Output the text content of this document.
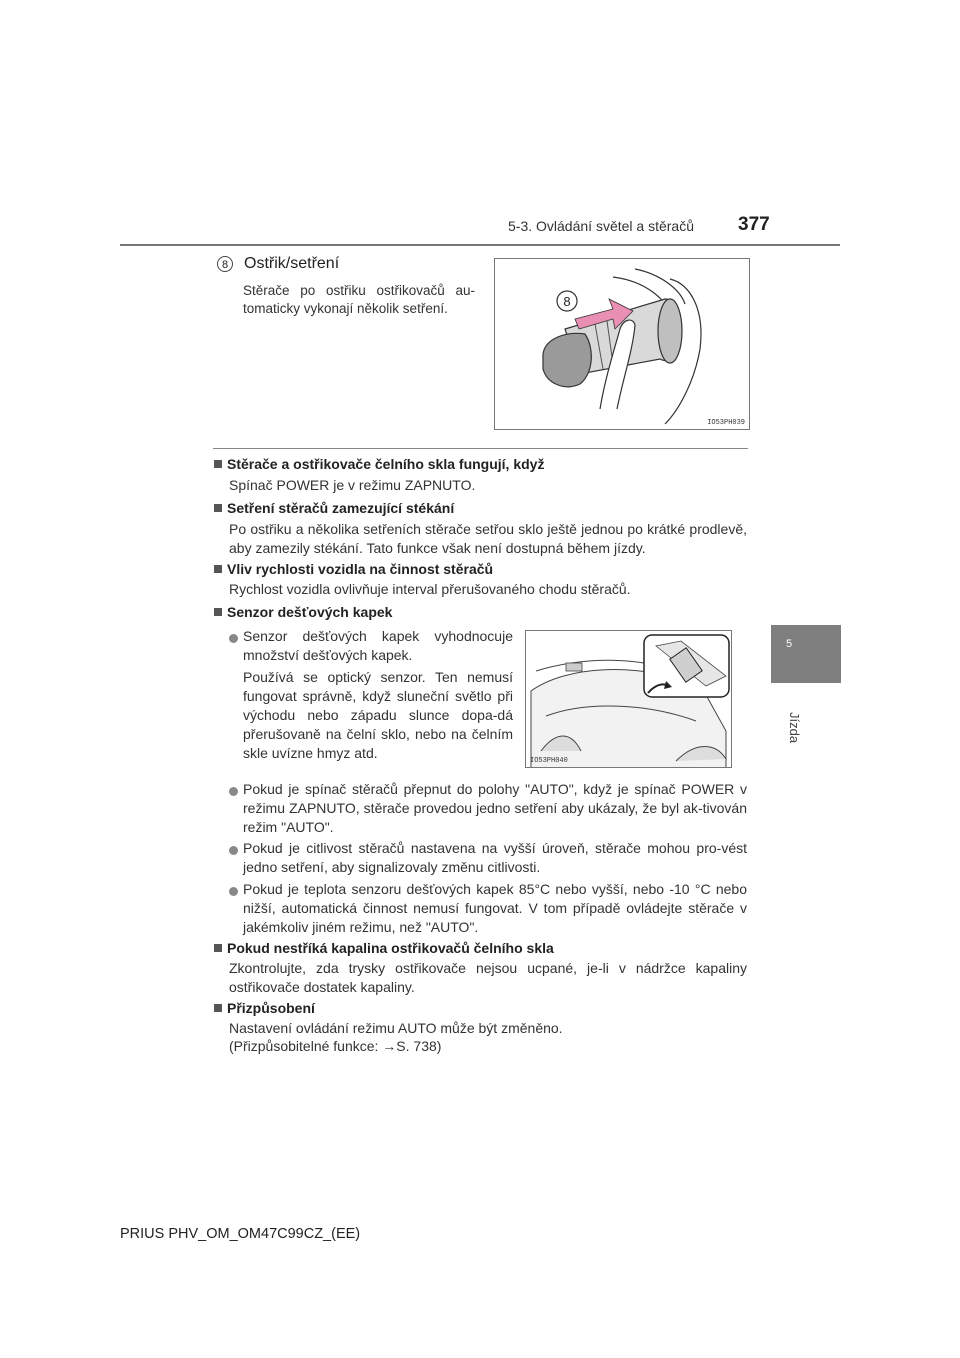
5-3. Ovládání světel a stěračů 377
5
Jízda
8 Ostřik/setření
Stěrače po ostřiku ostřikovačů au-tomaticky vykonají několik setření.	8
IO53PH039
Stěrače a ostřikovače čelního skla fungují, když
Spínač POWER je v režimu ZAPNUTO.
Setření stěračů zamezující stékání
Po ostřiku a několika setřeních stěrače setřou sklo ještě jednou po krátké prodlevě, aby zamezily stékání. Tato funkce však není dostupná během jízdy.
Vliv rychlosti vozidla na činnost stěračů
Rychlost vozidla ovlivňuje interval přerušovaného chodu stěračů.
Senzor dešťových kapek
Senzor dešťových kapek vyhodnocuje množství dešťových kapek.
Používá se optický senzor. Ten nemusí fungovat správně, když sluneční světlo při východu nebo západu slunce dopa-dá přerušovaně na čelní sklo, nebo na čelním skle uvízne hmyz atd.	IO53PH040
Pokud je spínač stěračů přepnut do polohy "AUTO", když je spínač POWER v režimu ZAPNUTO, stěrače provedou jedno setření aby ukázaly, že byl ak-tivován režim "AUTO".
Pokud je citlivost stěračů nastavena na vyšší úroveň, stěrače mohou pro-vést jedno setření, aby signalizovaly změnu citlivosti.
Pokud je teplota senzoru dešťových kapek 85°C nebo vyšší, nebo -10 °C nebo nižší, automatická činnost nemusí fungovat. V tom případě ovládejte stěrače v jakémkoliv jiném režimu, než "AUTO".
Pokud nestříká kapalina ostřikovačů čelního skla
Zkontrolujte, zda trysky ostřikovače nejsou ucpané, je-li v nádržce kapaliny ostřikovače dostatek kapaliny.
Přizpůsobení
Nastavení ovládání režimu AUTO může být změněno.
(Přizpůsobitelné funkce: →S. 738)
PRIUS PHV_OM_OM47C99CZ_(EE)
